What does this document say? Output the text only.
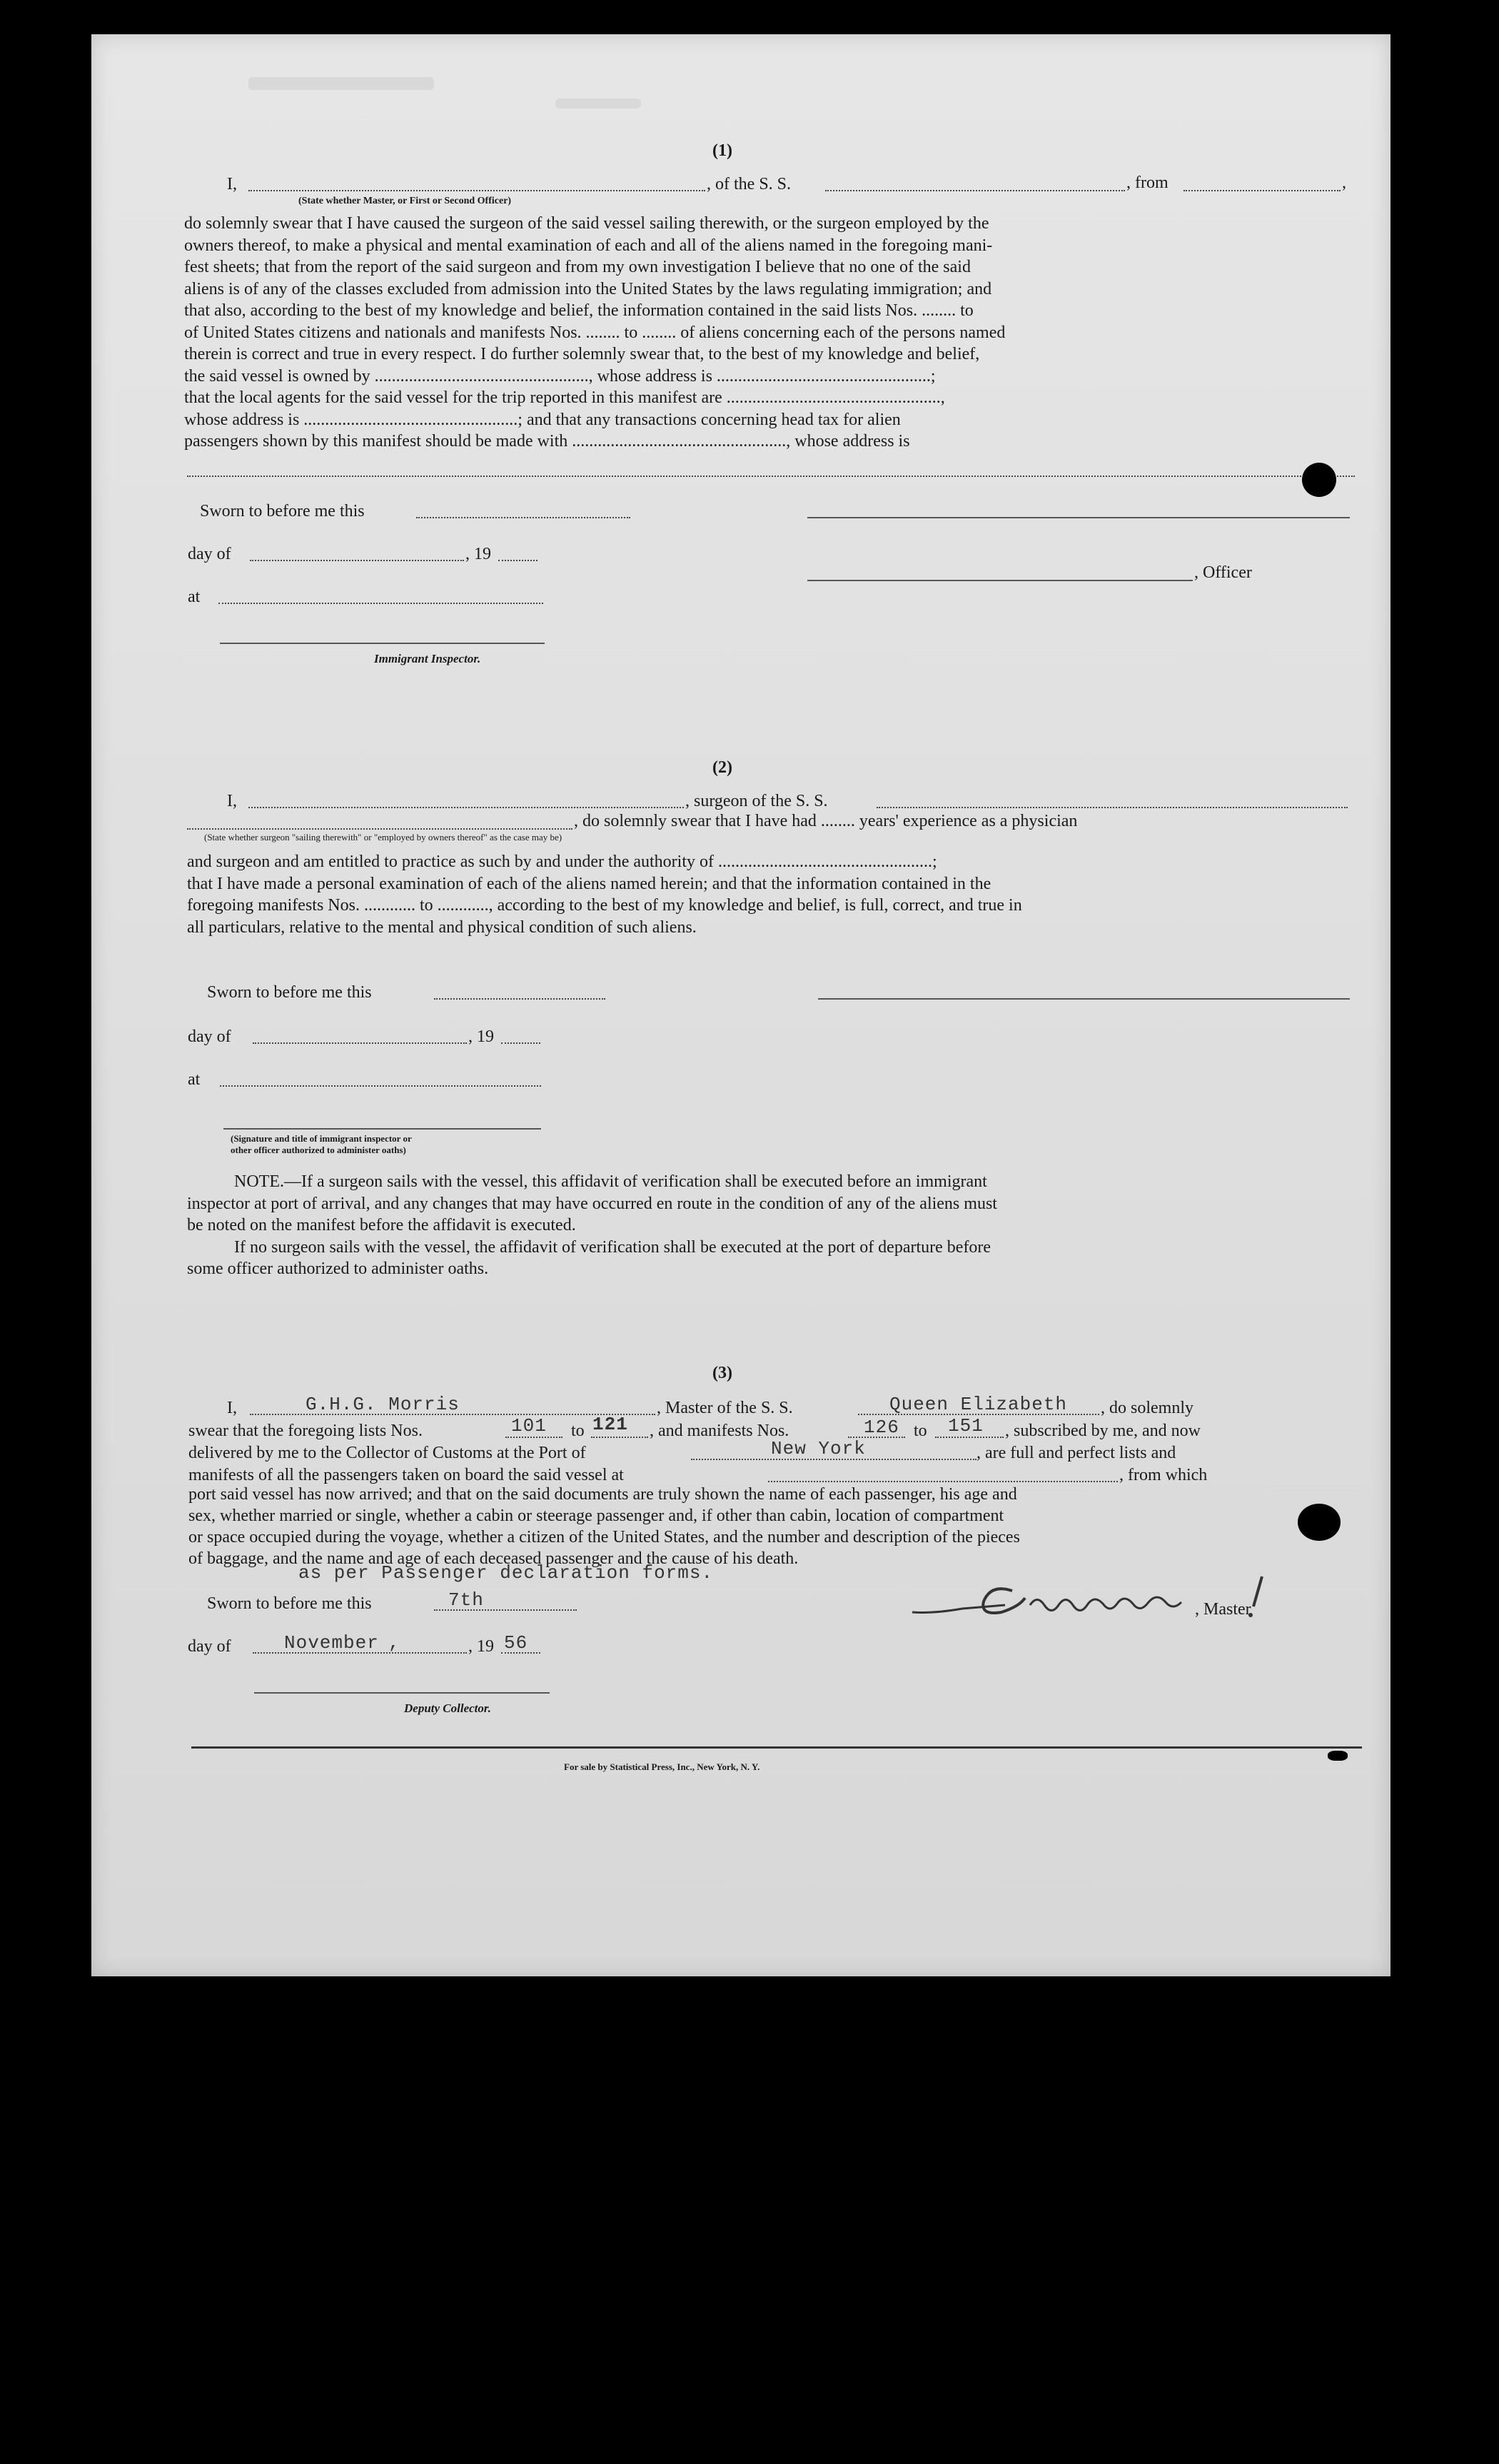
(1)
I,	, of the S. S.	, from	,
(State whether Master, or First or Second Officer)
do solemnly swear that I have caused the surgeon of the said vessel sailing therewith, or the surgeon employed by the
owners thereof, to make a physical and mental examination of each and all of the aliens named in the foregoing mani-
fest sheets; that from the report of the said surgeon and from my own investigation I believe that no one of the said
aliens is of any of the classes excluded from admission into the United States by the laws regulating immigration; and
that also, according to the best of my knowledge and belief, the information contained in the said lists Nos. ........ to
of United States citizens and nationals and manifests Nos. ........ to ........ of aliens concerning each of the persons named
therein is correct and true in every respect. I do further solemnly swear that, to the best of my knowledge and belief,
the said vessel is owned by .................................................., whose address is ..................................................;
that the local agents for the said vessel for the trip reported in this manifest are ..................................................,
whose address is ..................................................; and that any transactions concerning head tax for alien
passengers shown by this manifest should be made with .................................................., whose address is
Sworn to before me this
day of	, 19
, Officer
at
Immigrant Inspector.
(2)
I,	, surgeon of the S. S.
, do solemnly swear that I have had ........ years' experience as a physician
(State whether surgeon "sailing therewith" or "employed by owners thereof" as the case may be)
and surgeon and am entitled to practice as such by and under the authority of ..................................................;
that I have made a personal examination of each of the aliens named herein; and that the information contained in the
foregoing manifests Nos. ............ to ............, according to the best of my knowledge and belief, is full, correct, and true in
all particulars, relative to the mental and physical condition of such aliens.
Sworn to before me this
day of	, 19
at
(Signature and title of immigrant inspector or
other officer authorized to administer oaths)
NOTE.—If a surgeon sails with the vessel, this affidavit of verification shall be executed before an immigrant
inspector at port of arrival, and any changes that may have occurred en route in the condition of any of the aliens must
be noted on the manifest before the affidavit is executed.
If no surgeon sails with the vessel, the affidavit of verification shall be executed at the port of departure before
some officer authorized to administer oaths.
(3)
I,	G.H.G. Morris	, Master of the S. S.	Queen Elizabeth , do solemnly
swear that the foregoing lists Nos.	101 to 121 , and manifests Nos.	126 to 151 , subscribed by me, and now
delivered by me to the Collector of Customs at the Port of	New York	, are full and perfect lists and
manifests of all the passengers taken on board the said vessel at	, from which
port said vessel has now arrived; and that on the said documents are truly shown the name of each passenger, his age and
sex, whether married or single, whether a cabin or steerage passenger and, if other than cabin, location of compartment
or space occupied during the voyage, whether a citizen of the United States, and the number and description of the pieces
of baggage, and the name and age of each deceased passenger and the cause of his death.
as per Passenger declaration forms.
Sworn to before me this	7th	, Master
day of	November ,	, 19 56
Deputy Collector.
For sale by Statistical Press, Inc., New York, N. Y.
